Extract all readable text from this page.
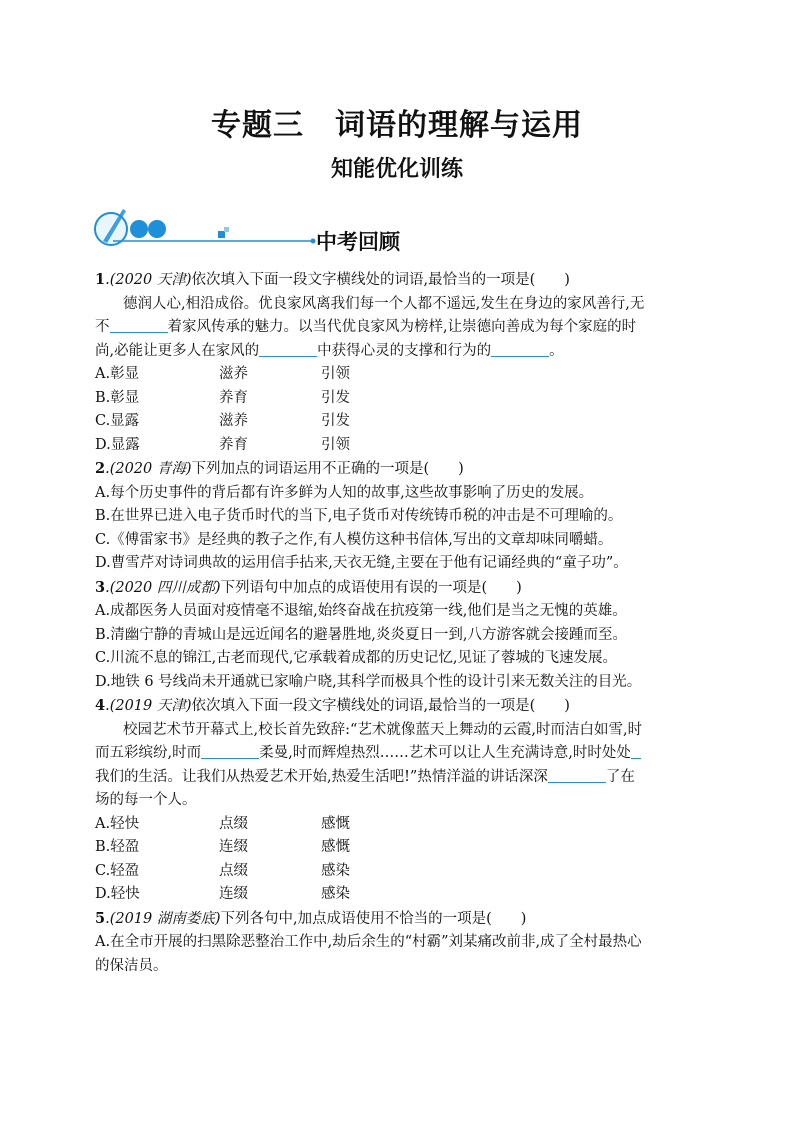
专题三　词语的理解与运用
知能优化训练
中考回顾
1.(2020 天津)依次填入下面一段文字横线处的词语,最恰当的一项是(　　)
德润人心,相沿成俗。优良家风离我们每一个人都不遥远,发生在身边的家风善行,无
不	着家风传承的魅力。以当代优良家风为榜样,让崇德向善成为每个家庭的时
尚,必能让更多人在家风的	中获得心灵的支撑和行为的	。
A.彰显	滋养	引领
B.彰显	养育	引发
C.显露	滋养	引发
D.显露	养育	引领
2.(2020 青海)下列加点的词语运用不正确的一项是(　　)
A.每个历史事件的背后都有许多鲜为人知的故事,这些故事影响了历史的发展。
B.在世界已进入电子货币时代的当下,电子货币对传统铸币税的冲击是不可理喻的。
C.《傅雷家书》是经典的教子之作,有人模仿这种书信体,写出的文章却味同嚼蜡。
D.曹雪芹对诗词典故的运用信手拈来,天衣无缝,主要在于他有记诵经典的“童子功”。
3.(2020 四川成都)下列语句中加点的成语使用有误的一项是(　　)
A.成都医务人员面对疫情毫不退缩,始终奋战在抗疫第一线,他们是当之无愧的英雄。
B.清幽宁静的青城山是远近闻名的避暑胜地,炎炎夏日一到,八方游客就会接踵而至。
C.川流不息的锦江,古老而现代,它承载着成都的历史记忆,见证了蓉城的飞速发展。
D.地铁 6 号线尚未开通就已家喻户晓,其科学而极具个性的设计引来无数关注的目光。
4.(2019 天津)依次填入下面一段文字横线处的词语,最恰当的一项是(　　)
校园艺术节开幕式上,校长首先致辞:“艺术就像蓝天上舞动的云霞,时而洁白如雪,时
而五彩缤纷,时而	柔曼,时而辉煌热烈……艺术可以让人生充满诗意,时时处处
我们的生活。让我们从热爱艺术开始,热爱生活吧!”热情洋溢的讲话深深	了在
场的每一个人。
A.轻快	点缀	感慨
B.轻盈	连缀	感慨
C.轻盈	点缀	感染
D.轻快	连缀	感染
5.(2019 湖南娄底)下列各句中,加点成语使用不恰当的一项是(　　)
A.在全市开展的扫黑除恶整治工作中,劫后余生的“村霸”刘某痛改前非,成了全村最热心
的保洁员。
